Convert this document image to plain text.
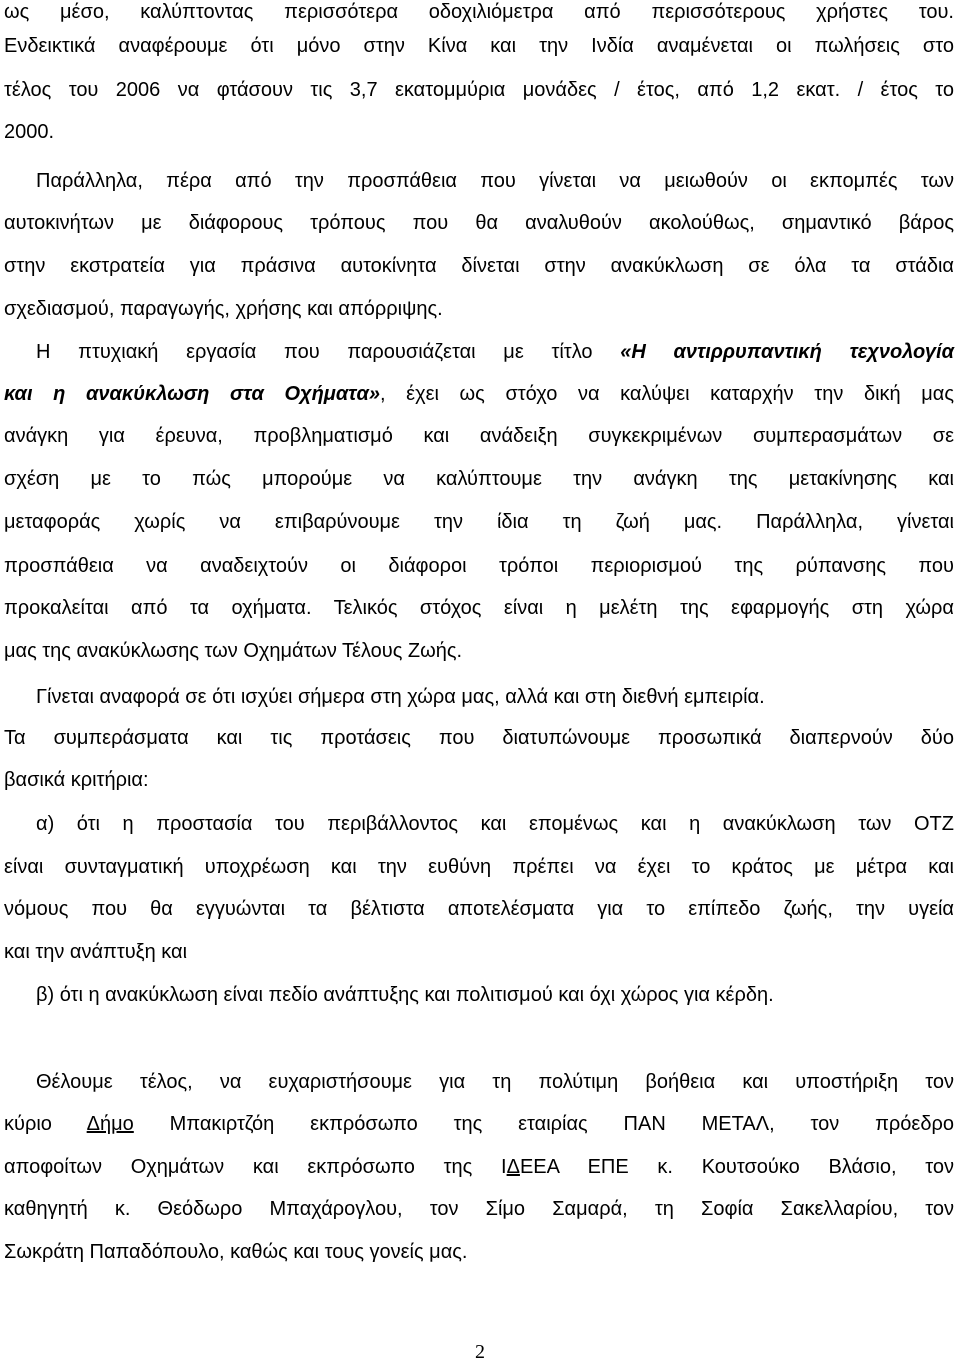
ως μέσο, καλύπτοντας περισσότερα οδοχιλιόμετρα από περισσότερους χρήστες του.
Ενδεικτικά αναφέρουμε ότι μόνο στην Κίνα και την Ινδία αναμένεται οι πωλήσεις στο
τέλος του 2006 να φτάσουν τις 3,7 εκατομμύρια μονάδες / έτος, από 1,2 εκατ. / έτος το
2000.
Παράλληλα, πέρα από την προσπάθεια που γίνεται να μειωθούν οι εκπομπές των
αυτοκινήτων με διάφορους τρόπους που θα αναλυθούν ακολούθως, σημαντικό βάρος
στην εκστρατεία για πράσινα αυτοκίνητα δίνεται στην ανακύκλωση σε όλα τα στάδια
σχεδιασμού, παραγωγής, χρήσης και απόρριψης.
Η πτυχιακή εργασία που παρουσιάζεται με τίτλο «Η αντιρρυπαντική τεχνολογία
και η ανακύκλωση στα Οχήματα», έχει ως στόχο να καλύψει καταρχήν την δική μας
ανάγκη για έρευνα, προβληματισμό και ανάδειξη συγκεκριμένων συμπερασμάτων σε
σχέση με το πώς μπορούμε να καλύπτουμε την ανάγκη της μετακίνησης και
μεταφοράς χωρίς να επιβαρύνουμε την ίδια τη ζωή μας. Παράλληλα, γίνεται
προσπάθεια να αναδειχτούν οι διάφοροι τρόποι περιορισμού της ρύπανσης που
προκαλείται από τα οχήματα. Τελικός στόχος είναι η μελέτη της εφαρμογής στη χώρα
μας της ανακύκλωσης των Οχημάτων Τέλους Ζωής.
Γίνεται αναφορά σε ότι ισχύει σήμερα στη χώρα μας, αλλά και στη διεθνή εμπειρία.
Τα συμπεράσματα και τις προτάσεις που διατυπώνουμε προσωπικά διαπερνούν δύο
βασικά κριτήρια:
α) ότι η προστασία του περιβάλλοντος και επομένως και η ανακύκλωση των ΟΤΖ
είναι συνταγματική υποχρέωση και την ευθύνη πρέπει να έχει το κράτος με μέτρα και
νόμους που θα εγγυώνται τα βέλτιστα αποτελέσματα για το επίπεδο ζωής, την υγεία
και την ανάπτυξη και
β) ότι η ανακύκλωση είναι πεδίο ανάπτυξης και πολιτισμού και όχι χώρος για κέρδη.
Θέλουμε τέλος, να ευχαριστήσουμε για τη πολύτιμη βοήθεια και υποστήριξη τον
κύριο Δήμο Μπακιρτζόη εκπρόσωπο της εταιρίας ΠΑΝ ΜΕΤΑΛ, τον πρόεδρο
αποφοίτων Οχημάτων και εκπρόσωπο της ΙΔΕΕΑ ΕΠΕ κ. Κουτσούκο Βλάσιο, τον
καθηγητή κ. Θεόδωρο Μπαχάρογλου, τον Σίμο Σαμαρά, τη Σοφία Σακελλαρίου, τον
Σωκράτη Παπαδόπουλο, καθώς και τους γονείς μας.
2
